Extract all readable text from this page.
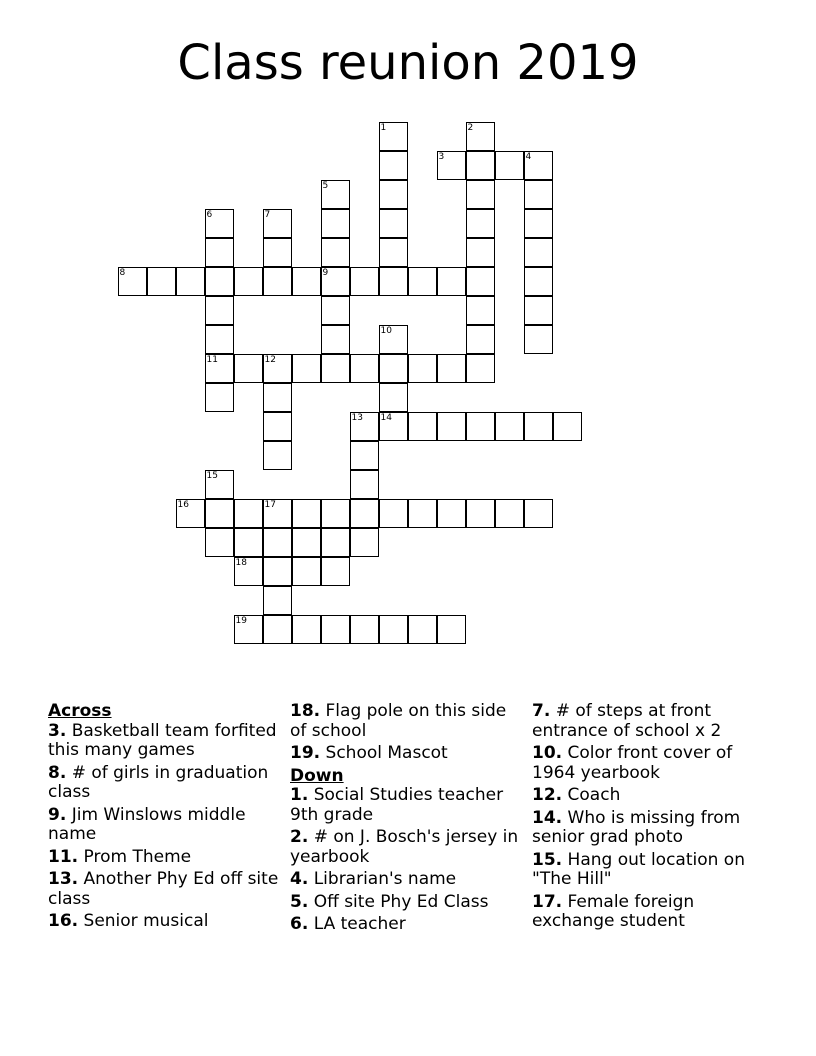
Class reunion 2019
1	2
3	4
5
6	7
8	9
10
11	12
13 14
15
16	17
18
19
Across
3. Basketball team forfited this many games
8. # of girls in graduation class
9. Jim Winslows middle name
11. Prom Theme
13. Another Phy Ed off site class
16. Senior musical
18. Flag pole on this side of school
19. School Mascot
Down
1. Social Studies teacher 9th grade
2. # on J. Bosch's jersey in yearbook
4. Librarian's name
5. Off site Phy Ed Class
6. LA teacher
7. # of steps at front entrance of school x 2
10. Color front cover of 1964 yearbook
12. Coach
14. Who is missing from senior grad photo
15. Hang out location on "The Hill"
17. Female foreign exchange student
